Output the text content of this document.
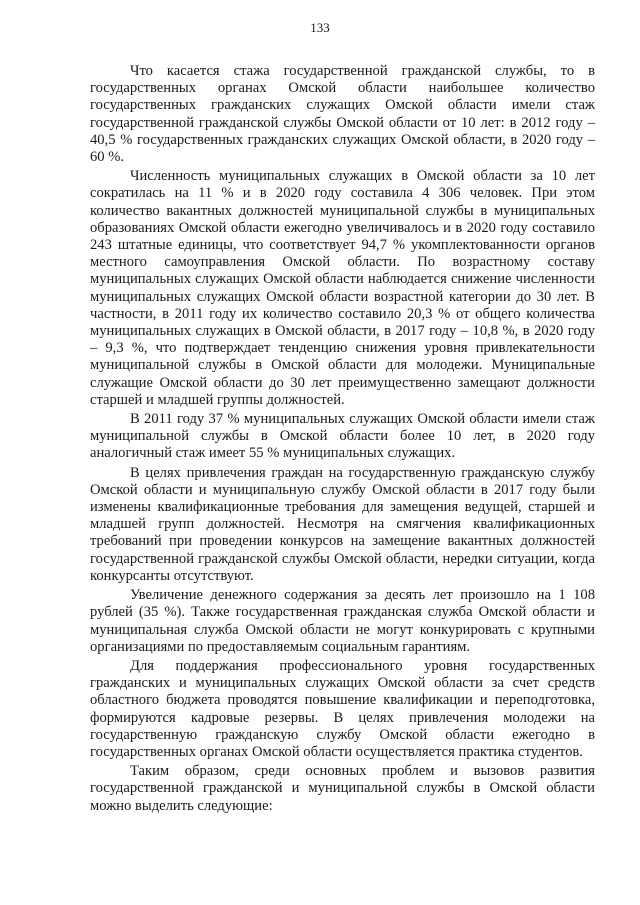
133

Что касается стажа государственной гражданской службы, то в государственных органах Омской области наибольшее количество государственных гражданских служащих Омской области имели стаж государственной гражданской службы Омской области от 10 лет: в 2012 году – 40,5 % государственных гражданских служащих Омской области, в 2020 году – 60 %.

Численность муниципальных служащих в Омской области за 10 лет сократилась на 11 % и в 2020 году составила 4 306 человек. При этом количество вакантных должностей муниципальной службы в муниципальных образованиях Омской области ежегодно увеличивалось и в 2020 году составило 243 штатные единицы, что соответствует 94,7 % укомплектованности органов местного самоуправления Омской области. По возрастному составу муниципальных служащих Омской области наблюдается снижение численности муниципальных служащих Омской области возрастной категории до 30 лет. В частности, в 2011 году их количество составило 20,3 % от общего количества муниципальных служащих в Омской области, в 2017 году – 10,8 %, в 2020 году – 9,3 %, что подтверждает тенденцию снижения уровня привлекательности муниципальной службы в Омской области для молодежи. Муниципальные служащие Омской области до 30 лет преимущественно замещают должности старшей и младшей группы должностей.

В 2011 году 37 % муниципальных служащих Омской области имели стаж муниципальной службы в Омской области более 10 лет, в 2020 году аналогичный стаж имеет 55 % муниципальных служащих.

В целях привлечения граждан на государственную гражданскую службу Омской области и муниципальную службу Омской области в 2017 году были изменены квалификационные требования для замещения ведущей, старшей и младшей групп должностей. Несмотря на смягчения квалификационных требований при проведении конкурсов на замещение вакантных должностей государственной гражданской службы Омской области, нередки ситуации, когда конкурсанты отсутствуют.

Увеличение денежного содержания за десять лет произошло на 1 108 рублей (35 %). Также государственная гражданская служба Омской области и муниципальная служба Омской области не могут конкурировать с крупными организациями по предоставляемым социальным гарантиям.

Для поддержания профессионального уровня государственных гражданских и муниципальных служащих Омской области за счет средств областного бюджета проводятся повышение квалификации и переподготовка, формируются кадровые резервы. В целях привлечения молодежи на государственную гражданскую службу Омской области ежегодно в государственных органах Омской области осуществляется практика студентов.

Таким образом, среди основных проблем и вызовов развития государственной гражданской и муниципальной службы в Омской области можно выделить следующие:
